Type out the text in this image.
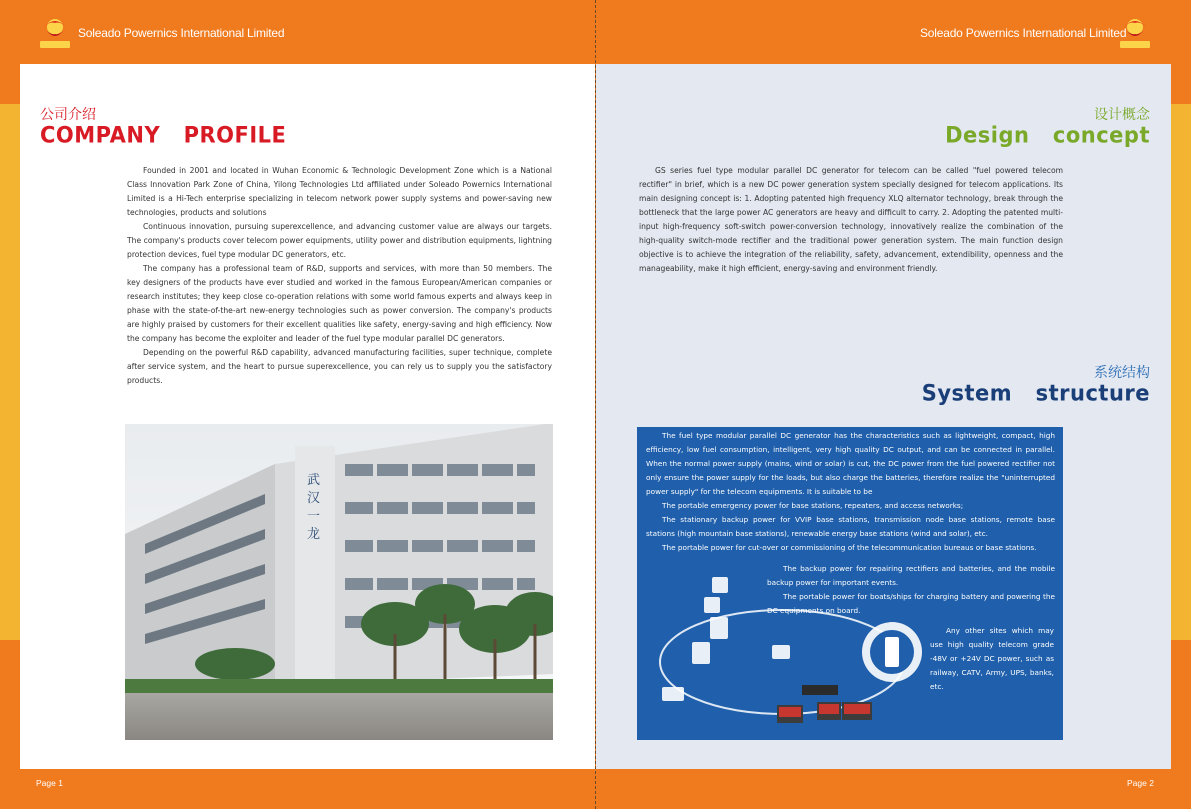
Soleado Powernics International Limited	Soleado Powernics International Limited
公司介绍
COMPANY   PROFILE

Founded in 2001 and located in Wuhan Economic & Technologic Development Zone which is a National Class Innovation Park Zone of China, Yilong Technologies Ltd affiliated under Soleado Powernics International Limited is a Hi-Tech enterprise specializing in telecom network power supply systems and power-saving new technologies, products and solutions

Continuous innovation, pursuing superexcellence, and advancing customer value are always our targets. The company's products cover telecom power equipments, utility power and distribution equipments, lightning protection devices, fuel type modular DC generators, etc.

The company has a professional team of R&D, supports and services, with more than 50 members. The key designers of the products have ever studied and worked in the famous European/American companies or research institutes; they keep close co-operation relations with some world famous experts and always keep in phase with the state-of-the-art new-energy technologies such as power conversion. The company's products are highly praised by customers for their excellent qualities like safety, energy-saving and high efficiency. Now the company has become the exploiter and leader of the fuel type modular parallel DC generators.

Depending on the powerful R&D capability, advanced manufacturing facilities, super technique, complete after service system, and the heart to pursue superexcellence, you can rely us to supply you the satisfactory products.

武
汉
一
龙
Page 1
设计概念
Design   concept

GS series fuel type modular parallel DC generator for telecom can be called "fuel powered telecom rectifier" in brief, which is a new DC power generation system specially designed for telecom applications. Its main designing concept is: 1. Adopting patented high frequency XLQ alternator technology, break through the bottleneck that the large power AC generators are heavy and difficult to carry. 2. Adopting the patented multi-input high-frequency soft-switch power-conversion technology, innovatively realize the combination of the high-quality switch-mode rectifier and the traditional power generation system. The main function design objective is to achieve the integration of the reliability, safety, advancement, extendibility, openness and the manageability, make it high efficient, energy-saving and environment friendly.

系统结构
System   structure

The fuel type modular parallel DC generator has the characteristics such as lightweight, compact, high efficiency, low fuel consumption, intelligent, very high quality DC output, and can be connected in parallel. When the normal power supply (mains, wind or solar) is cut, the DC power from the fuel powered rectifier not only ensure the power supply for the loads, but also charge the batteries, therefore realize the "uninterrupted power supply" for the telecom equipments. It is suitable to be

The portable emergency power for base stations, repeaters, and access networks;

The stationary backup power for VVIP base stations, transmission node base stations, remote base stations (high mountain base stations), renewable energy base stations (wind and solar), etc.

The portable power for cut-over or commissioning of the telecommunication bureaus or base stations.

The backup power for repairing rectifiers and batteries, and the mobile backup power for important events.

The portable power for boats/ships for charging battery and powering the DC equipments on board.

Any other sites which may use high quality telecom grade -48V or +24V DC power, such as railway, CATV, Army, UPS, banks, etc.

Page 2
